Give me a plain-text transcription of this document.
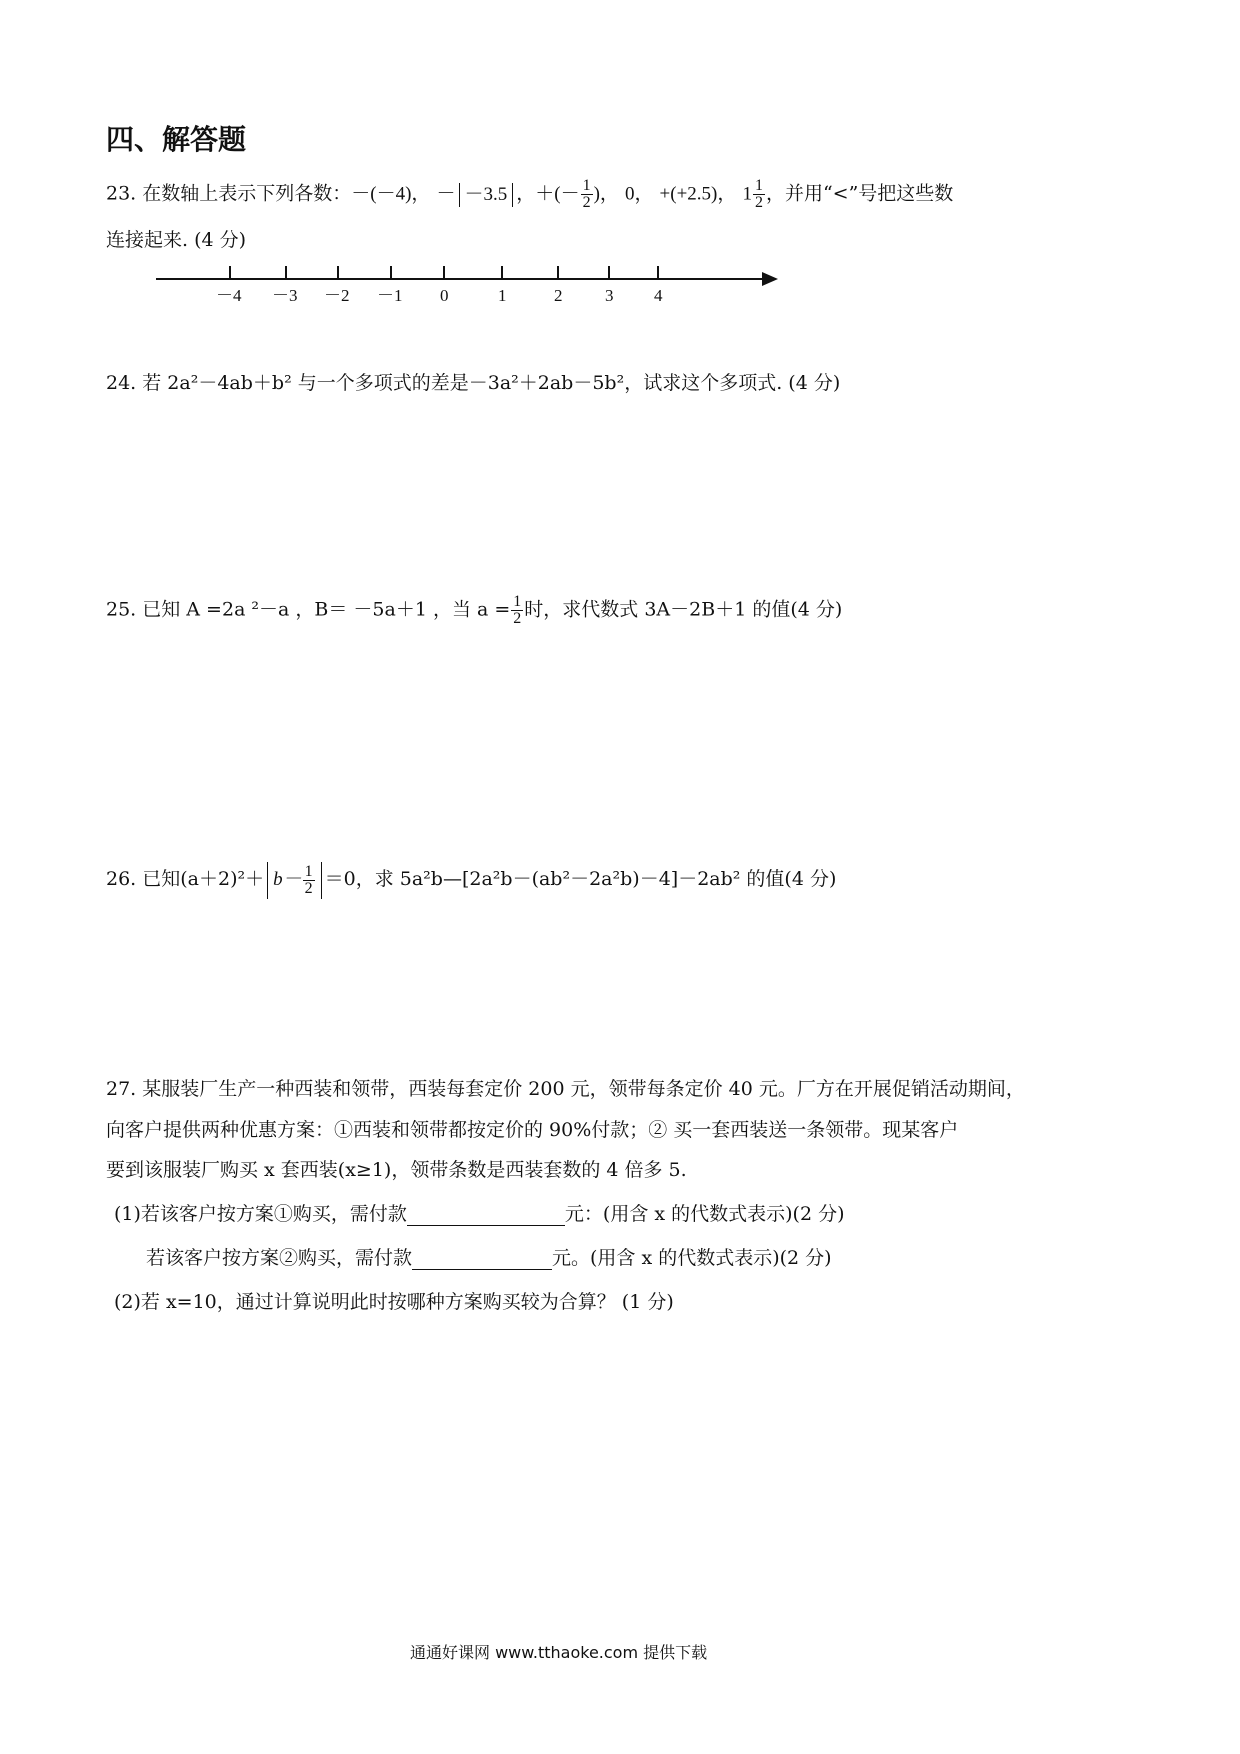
四、解答题
23. 在数轴上表示下列各数：－(－4)， － －3.5 ，＋(－ $\frac{1}{2}$ )， 0， +(+2.5)， $1 \frac{1}{2}$ ，并用“<”号把这些数
连接起来. (4 分)
－4 －3 －2 －1 0	1	2	3 4
24. 若 2a²－4ab＋b² 与一个多项式的差是－3a²＋2ab－5b²，试求这个多项式. (4 分)
25. 已知 A =2a ²－a ，B＝ －5a＋1 ，当 $a = \frac{1}{2}$ 时，求代数式 3A－2B＋1 的值(4 分)
26. 已知$(a+2)^2+ b- \frac{1}{2} =0$，求 5a²b—[2a²b－(ab²－2a²b)－4]－2ab² 的值(4 分)
27. 某服装厂生产一种西装和领带，西装每套定价 200 元，领带每条定价 40 元。厂方在开展促销活动期间，
向客户提供两种优惠方案：①西装和领带都按定价的 90%付款；② 买一套西装送一条领带。现某客户
要到该服装厂购买 x 套西装(x≥1)，领带条数是西装套数的 4 倍多 5.
(1)若该客户按方案①购买，需付款	元：(用含 x 的代数式表示)(2 分)
若该客户按方案②购买，需付款	元。(用含 x 的代数式表示)(2 分)
(2)若 x=10，通过计算说明此时按哪种方案购买较为合算？ (1 分)
通通好课网 www.tthaoke.com 提供下载
